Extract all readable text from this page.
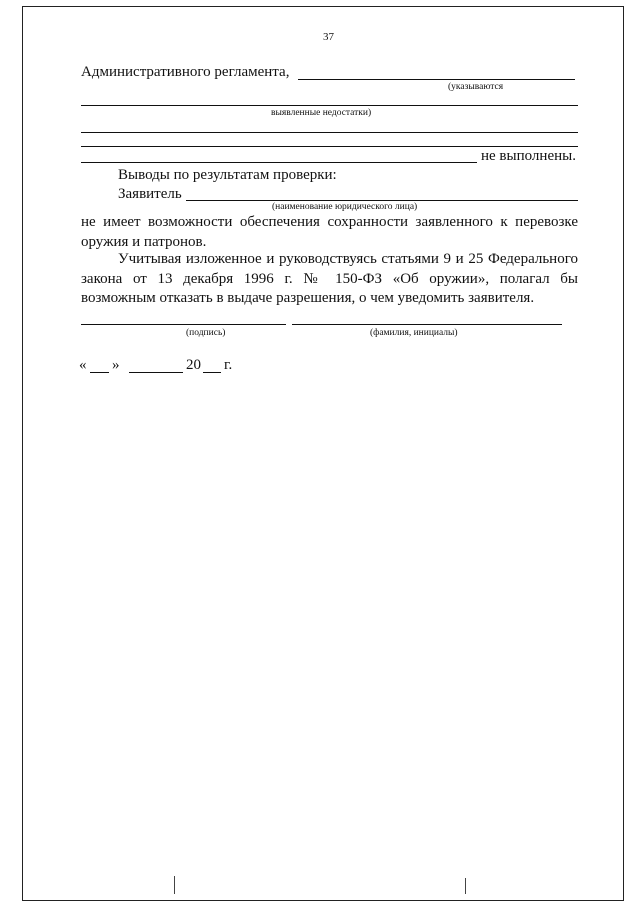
37
Административного регламента,
(указываются
выявленные недостатки)
не выполнены.
Выводы по результатам проверки:
Заявитель
(наименование юридического лица)
не имеет возможности обеспечения сохранности заявленного к перевозке
оружия и патронов.
Учитывая изложенное и руководствуясь статьями 9 и 25 Федерального
закона от 13 декабря 1996 г. № 150-ФЗ «Об оружии», полагал бы
возможным отказать в выдаче разрешения, о чем уведомить заявителя.
(подпись)	(фамилия, инициалы)
« »	20 г.
